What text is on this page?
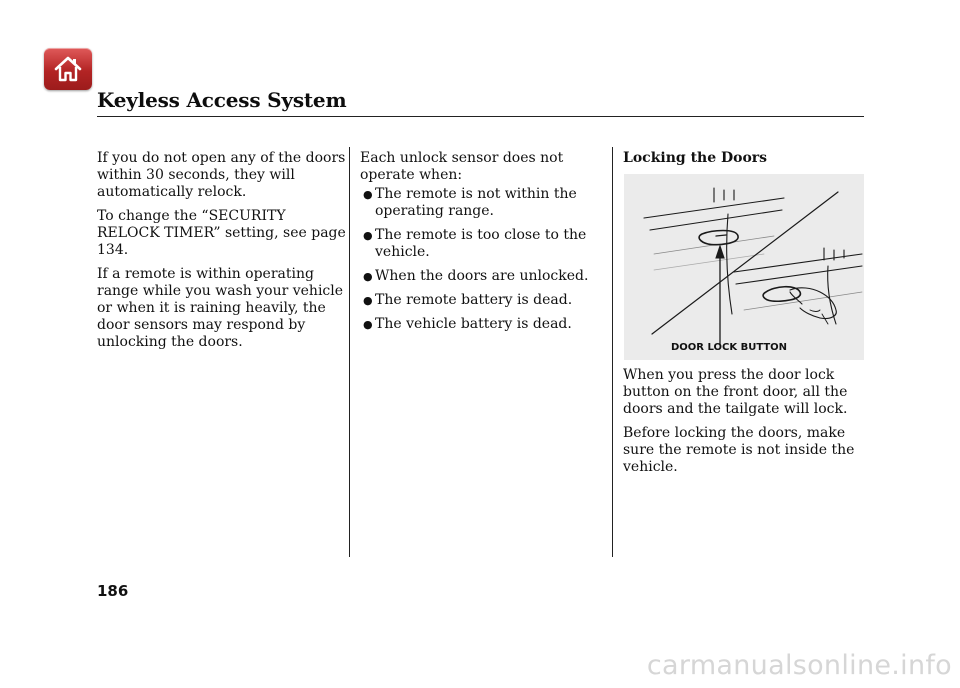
Keyless Access System

If you do not open any of the doors within 30 seconds, they will automatically relock.

To change the “SECURITY RELOCK TIMER” setting, see page 134.

If a remote is within operating range while you wash your vehicle or when it is raining heavily, the door sensors may respond by unlocking the doors.

Each unlock sensor does not operate when:

● The remote is not within the operating range.
● The remote is too close to the vehicle.
● When the doors are unlocked.
● The remote battery is dead.
● The vehicle battery is dead.

Locking the Doors

DOOR LOCK BUTTON

When you press the door lock button on the front door, all the doors and the tailgate will lock.

Before locking the doors, make sure the remote is not inside the vehicle.

186
carmanualsonline.info
